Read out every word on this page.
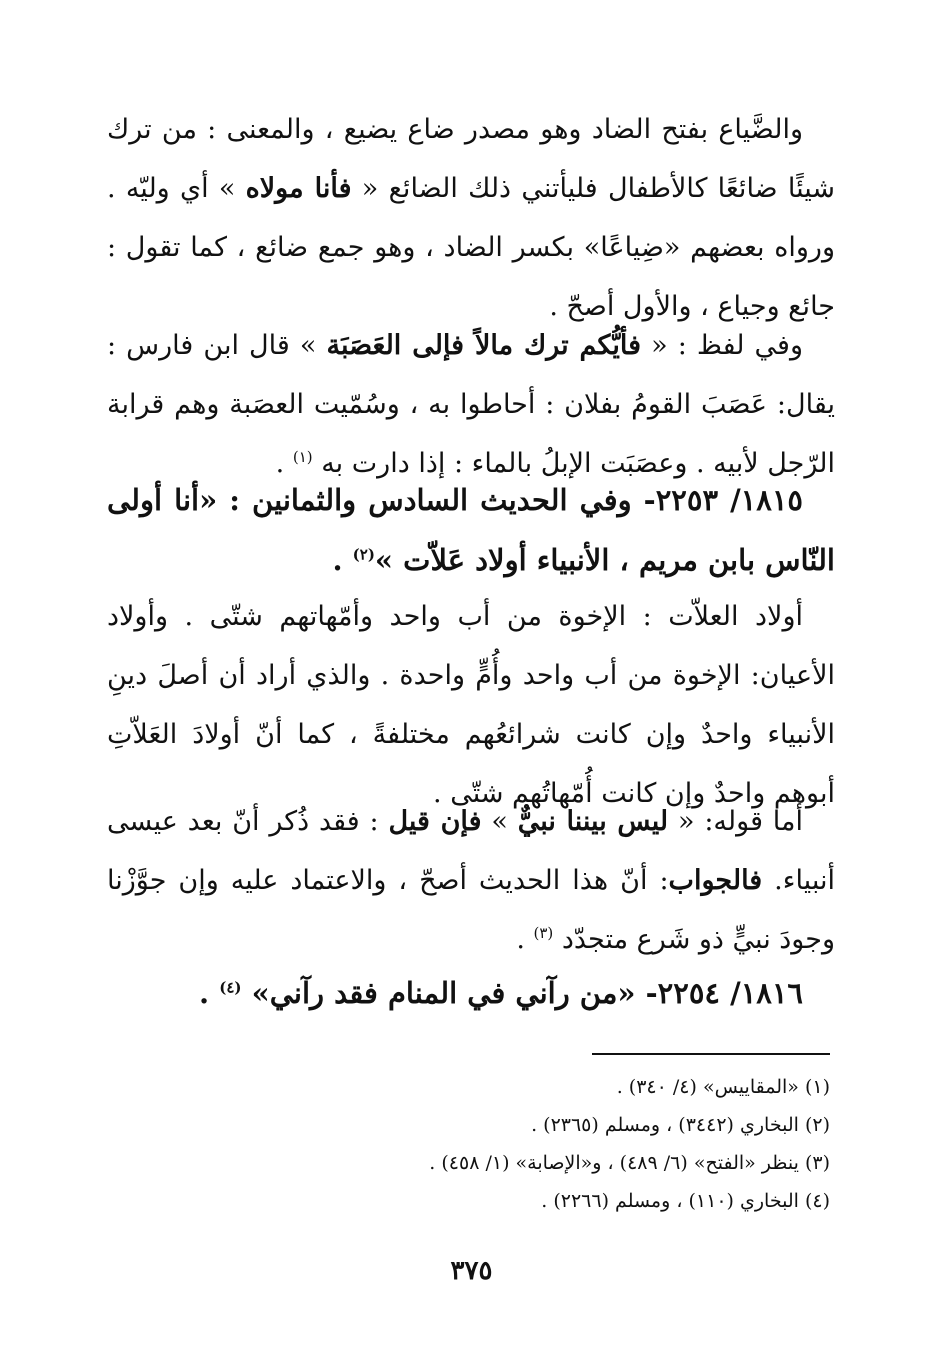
والضَّياع بفتح الضاد وهو مصدر ضاع يضيع ، والمعنى : من ترك شيئًا ضائعًا كالأطفال فليأتني ذلك الضائع « فأنا مولاه » أي وليّه . ورواه بعضهم «ضِياعًا» بكسر الضاد ، وهو جمع ضائع ، كما تقول : جائع وجياع ، والأول أصحّ .

وفي لفظ : « فأيُّكم ترك مالاً فإلى العَصَبَة » قال ابن فارس : يقال: عَصَبَ القومُ بفلان : أحاطوا به ، وسُمّيت العصَبة وهم قرابة الرّجل لأبيه . وعصَبَت الإبلُ بالماء : إذا دارت به $^{(١)}$ .

١٨١٥/ ٢٢٥٣- وفي الحديث السادس والثمانين : «أنا أولى النّاس بابن مريم ، الأنبياء أولاد عَلاّت »$^{(٢)}$ .

أولاد العلاّت : الإخوة من أب واحد وأمّهاتهم شتّى . وأولاد الأعيان: الإخوة من أب واحد وأُمٍّ واحدة . والذي أراد أن أصلَ دينِ الأنبياء واحدٌ وإن كانت شرائعُهم مختلفةً ، كما أنّ أولادَ العَلاّتِ أبوهم واحدٌ وإن كانت أُمّهاتُهم شتّى .

أما قوله: « ليس بيننا نبيٌّ » فإن قيل : فقد ذُكر أنّ بعد عيسى أنبياء. فالجواب: أنّ هذا الحديث أصحّ ، والاعتماد عليه وإن جوَّزْنا وجودَ نبيٍّ ذو شَرع متجدّد $^{(٣)}$ .

١٨١٦/ ٢٢٥٤- «من رآني في المنام فقد رآني» $^{(٤)}$ .

(١) «المقاييس» (٤/ ٣٤٠) .

(٢) البخاري (٣٤٤٢) ، ومسلم (٢٣٦٥) .

(٣) ينظر «الفتح» (٦/ ٤٨٩) ، و«الإصابة» (١/ ٤٥٨) .

(٤) البخاري (١١٠) ، ومسلم (٢٢٦٦) .

٣٧٥
